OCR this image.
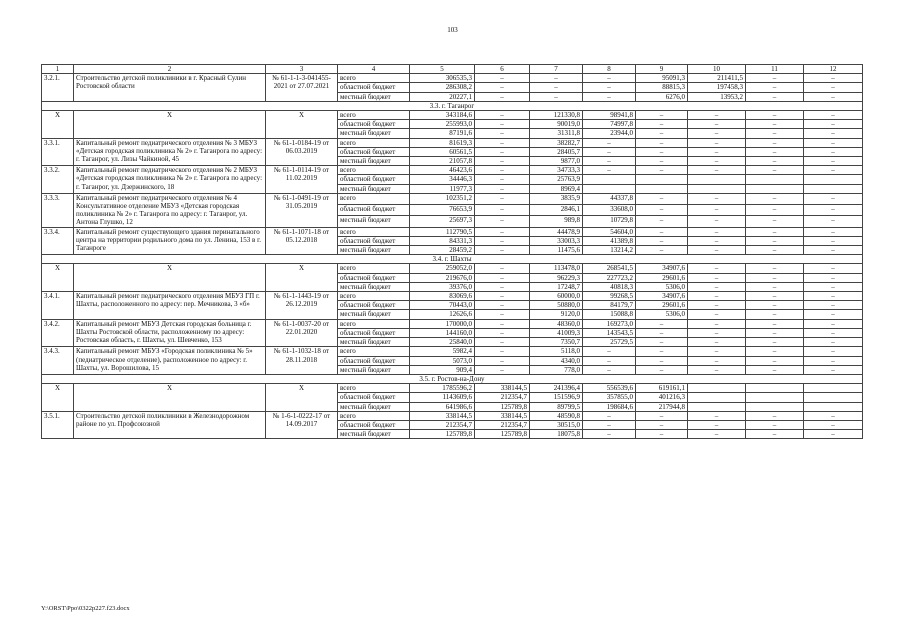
103
1	2	3	4	5	6	7	8	9	10	11	12
3.2.1.	Строительство детской поликлиники в г. Красный Сулин Ростовской области	№ 61-1-1-3-041455-2021 от 27.07.2021	всего	306535,3	–	–	–	95091,3	211411,5	–	–
			областной бюджет	286308,2	–	–	–	88815,3	197458,3	–	–
			местный бюджет	20227,1	–	–	–	6276,0	13953,2	–	–
3.3. г. Таганрог											
X	X	X	всего	343184,6	–	121330,8	98941,8	–	–	–	–
			областной бюджет	255993,0	–	90019,0	74997,8	–	–	–	–
			местный бюджет	87191,6	–	31311,8	23944,0	–	–	–	–
3.3.1.	Капитальный ремонт педиатрического отделения № 3 МБУЗ «Детская городская поликлиника № 2» г. Таганрога по адресу: г. Таганрог, ул. Лизы Чайкиной, 45	№ 61-1-0184-19 от 06.03.2019	всего	81619,3	–	38282,7	–	–	–	–	–
			областной бюджет	60561,5	–	28405,7	–	–	–	–	–
			местный бюджет	21057,8	–	9877,0	–	–	–	–	–
3.3.2.	Капитальный ремонт педиатрического отделения № 2 МБУЗ «Детская городская поликлиника № 2» г. Таганрога по адресу: г. Таганрог, ул. Дзержинского, 18	№ 61-1-0114-19 от 11.02.2019	всего	46423,6	–	34733,3	–	–	–	–	–
			областной бюджет	34446,3	–	25763,9					
			местный бюджет	11977,3	–	8969,4					
3.3.3.	Капитальный ремонт педиатрического отделения № 4 Консультативное отделение МБУЗ «Детская городская поликлиника № 2» г. Таганрога по адресу: г. Таганрог, ул. Антона Глушко, 12	№ 61-1-0491-19 от 31.05.2019	всего	102351,2	–	3835,9	44337,8	–	–	–	–
			областной бюджет	76653,9	–	2846,1	33608,0	–	–	–	–
			местный бюджет	25697,3	–	989,8	10729,8	–	–	–	–
3.3.4.	Капитальный ремонт существующего здания перинатального центра на территории родильного дома по ул. Ленина, 153 в г. Таганроге	№ 61-1-1071-18 от 05.12.2018	всего	112790,5	–	44478,9	54604,0	–	–	–	–
			областной бюджет	84331,3	–	33003,3	41389,8	–	–	–	–
			местный бюджет	28459,2	–	11475,6	13214,2	–	–	–	–
3.4. г. Шахты											
X	X	X	всего	259052,0	–	113478,0	268541,5	34907,6	–	–	–
			областной бюджет	219676,0	–	96229,3	227723,2	29601,6	–	–	–
			местный бюджет	39376,0	–	17248,7	40818,3	5306,0	–	–	–
3.4.1.	Капитальный ремонт педиатрического отделения МБУЗ ГП г. Шахты, расположенного по адресу: пер. Мечникова, 3 «б»	№ 61-1-1443-19 от 26.12.2019	всего	83069,6	–	60000,0	99268,5	34907,6	–	–	–
			областной бюджет	70443,0	–	50880,0	84179,7	29601,6	–	–	–
			местный бюджет	12626,6	–	9120,0	15088,8	5306,0	–	–	–
3.4.2.	Капитальный ремонт МБУЗ Детская городская больница г. Шахты Ростовской области, расположенному по адресу: Ростовская область, г. Шахты, ул. Шевченко, 153	№ 61-1-0037-20 от 22.01.2020	всего	170000,0	–	48360,0	169273,0	–	–	–	–
			областной бюджет	144160,0	–	41009,3	143543,5	–	–	–	–
			местный бюджет	25840,0	–	7350,7	25729,5	–	–	–	–
3.4.3.	Капитальный ремонт МБУЗ «Городская поликлиника № 5» (педиатрическое отделение), расположенное по адресу: г. Шахты, ул. Ворошилова, 15	№ 61-1-1032-18 от 28.11.2018	всего	5982,4	–	5118,0	–	–	–	–	–
			областной бюджет	5073,0	–	4340,0	–	–	–	–	–
			местный бюджет	909,4	–	778,0	–	–	–	–	–
3.5. г. Ростов-на-Дону											
X	X	X	всего	1785596,2	338144,5	241396,4	556539,6	619161,1			
			областной бюджет	1143609,6	212354,7	151596,9	357855,0	401216,3			
			местный бюджет	641986,6	125789,8	89799,5	198684,6	217944,8			
3.5.1.	Строительство детской поликлиники в Железнодорожном районе по ул. Профсоюзной	№ 1-6-1-0222-17 от 14.09.2017	всего	338144,5	338144,5	48590,8	–	–	–	–	–
			областной бюджет	212354,7	212354,7	30515,0	–	–	–	–	–
			местный бюджет	125789,8	125789,8	18075,8	–	–	–	–	–
Y:\ORST\Ppo\0322p227.f23.docx
